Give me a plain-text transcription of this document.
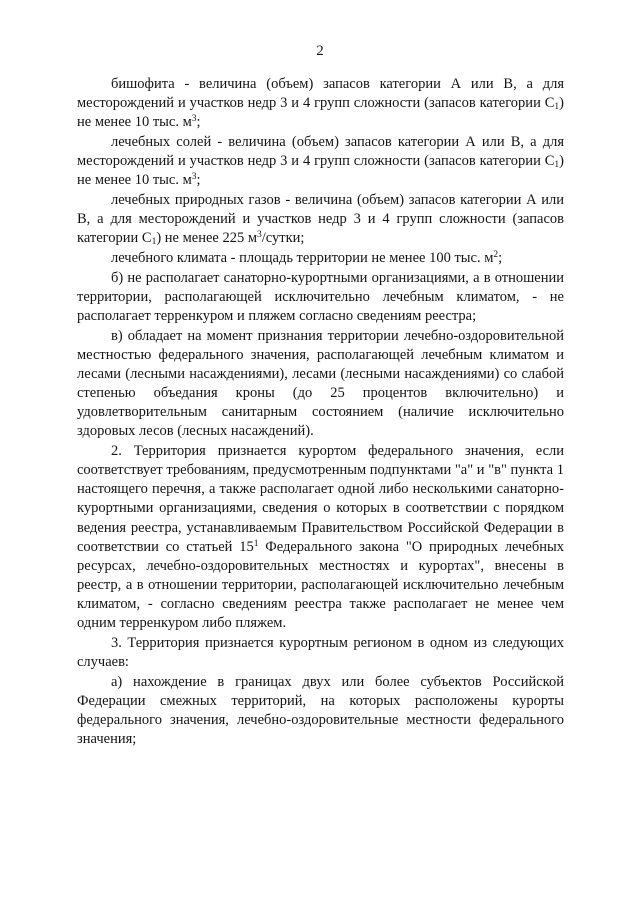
2

бишофита - величина (объем) запасов категории А или В, а для месторождений и участков недр 3 и 4 групп сложности (запасов категории $С_1$) не менее 10 тыс. $м^3$;

лечебных солей - величина (объем) запасов категории А или В, а для месторождений и участков недр 3 и 4 групп сложности (запасов категории $С_1$) не менее 10 тыс. $м^3$;

лечебных природных газов - величина (объем) запасов категории А или В, а для месторождений и участков недр 3 и 4 групп сложности (запасов категории $С_1$) не менее 225 $м^3$/сутки;

лечебного климата - площадь территории не менее 100 тыс. $м^2$;

б) не располагает санаторно-курортными организациями, а в отношении территории, располагающей исключительно лечебным климатом, - не располагает терренкуром и пляжем согласно сведениям реестра;

в) обладает на момент признания территории лечебно-оздоровительной местностью федерального значения, располагающей лечебным климатом и лесами (лесными насаждениями), лесами (лесными насаждениями) со слабой степенью объедания кроны (до 25 процентов включительно) и удовлетворительным санитарным состоянием (наличие исключительно здоровых лесов (лесных насаждений).

2. Территория признается курортом федерального значения, если соответствует требованиям, предусмотренным подпунктами "а" и "в" пункта 1 настоящего перечня, а также располагает одной либо несколькими санаторно-курортными организациями, сведения о которых в соответствии с порядком ведения реестра, устанавливаемым Правительством Российской Федерации в соответствии со статьей $15^1$ Федерального закона "О природных лечебных ресурсах, лечебно-оздоровительных местностях и курортах", внесены в реестр, а в отношении территории, располагающей исключительно лечебным климатом, - согласно сведениям реестра также располагает не менее чем одним терренкуром либо пляжем.

3. Территория признается курортным регионом в одном из следующих случаев:

а) нахождение в границах двух или более субъектов Российской Федерации смежных территорий, на которых расположены курорты федерального значения, лечебно-оздоровительные местности федерального значения;
